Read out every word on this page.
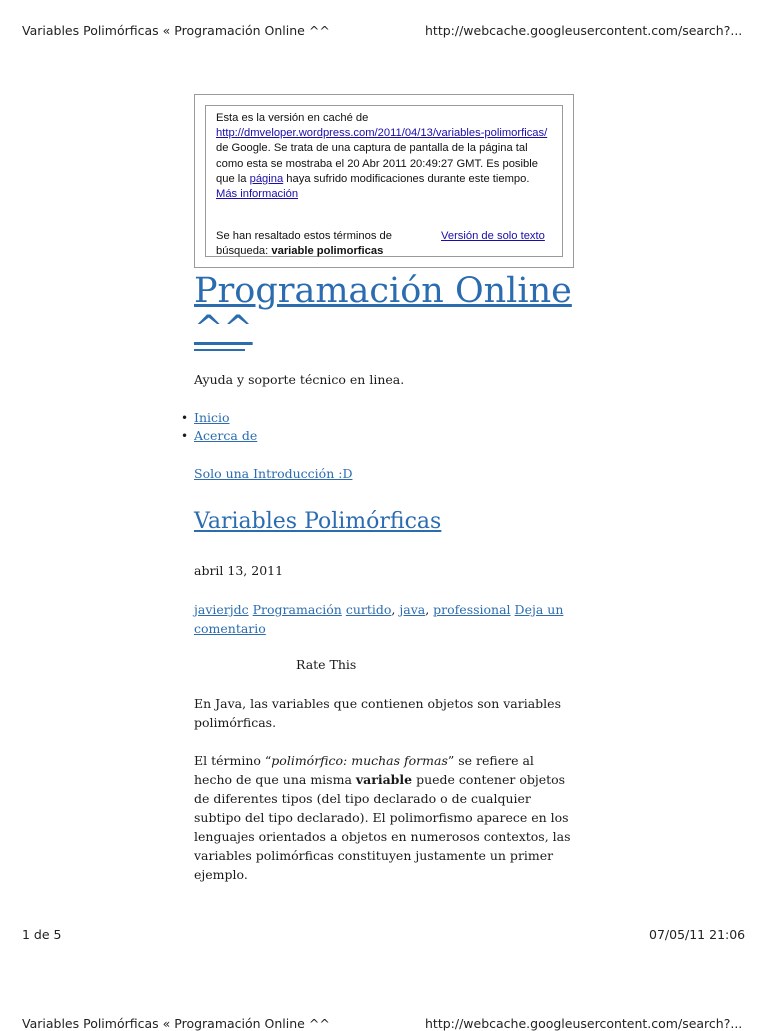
Variables Polimórficas « Programación Online ^^	http://webcache.googleusercontent.com/search?...
Esta es la versión en caché de http://dmveloper.wordpress.com/2011/04/13/variables-polimorficas/ de Google. Se trata de una captura de pantalla de la página tal como esta se mostraba el 20 Abr 2011 20:49:27 GMT. Es posible que la página haya sufrido modificaciones durante este tiempo. Más información
Se han resaltado estos términos de búsqueda: variable polimorficas
Versión de solo texto
Programación Online ^^
Ayuda y soporte técnico en linea.
• Inicio
• Acerca de
Solo una Introducción :D
Variables Polimórficas
abril 13, 2011
javierjdc Programación curtido, java, professional Deja un comentario
Rate This

En Java, las variables que contienen objetos son variables polimórficas.

El término “polimórfico: muchas formas” se refiere al hecho de que una misma variable puede contener objetos de diferentes tipos (del tipo declarado o de cualquier subtipo del tipo declarado). El polimorfismo aparece en los lenguajes orientados a objetos en numerosos contextos, las variables polimórficas constituyen justamente un primer ejemplo.

1 de 5	07/05/11 21:06
Variables Polimórficas « Programación Online ^^	http://webcache.googleusercontent.com/search?...
